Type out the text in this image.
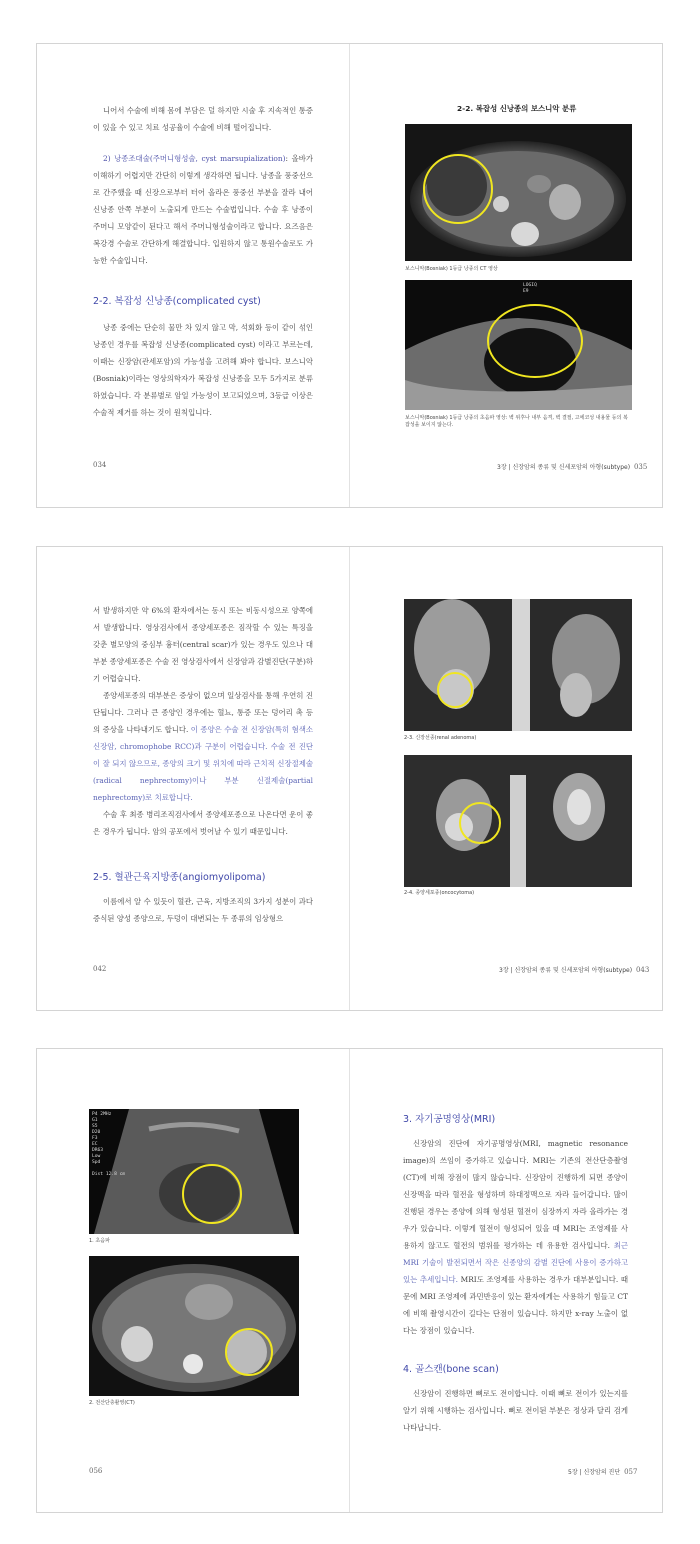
니어서 수술에 비해 몸에 부담은 덜 하지만 시술 후 지속적인 통증이 있을 수 있고 치료 성공율이 수술에 비해 떨어집니다.

2) 낭종조대술(주머니형성술, cyst marsupialization): 올바가 이해하기 어렵지만 간단히 이렇게 생각하면 됩니다. 낭종을 풍중선으로 간주했을 때 신장으로부터 터어 올라온 풍중선 부분을 잘라 내어 신낭종 안쪽 부분이 노출되게 만드는 수술법입니다. 수술 후 낭종이 주머니 모양같이 된다고 해서 주머니형성술이라고 합니다. 요즈음은 복강경 수술로 간단하게 해결합니다. 입원하지 않고 통원수술로도 가능한 수술입니다.

2-2. 복잡성 신낭종(complicated cyst)

낭종 중에는 단순히 물만 차 있지 않고 막, 석회화 등이 같이 섞인 낭종인 경우를 복잡성 신낭종(complicated cyst) 이라고 부르는데, 이때는 신장암(관세포암)의 가능성을 고려해 봐야 합니다. 보스니악(Bosniak)이라는 영상의학자가 복잡성 신낭종을 모두 5가지로 분류하였습니다. 각 분류별로 암일 가능성이 보고되었으며, 3등급 이상은 수술적 제거를 하는 것이 원칙입니다.

034
2-2. 복잡성 신낭종의 보스니악 분류
보스니악(Bosniak) 1등급 낭종의 CT 영상
LOGIQ
E9
보스니악(Bosniak) 1등급 낭종의 초음파 영상: 벽 위후나 내부 음격, 벽 결절, 고에코성 내용물 등의 복잡성을 보이지 않는다.
3장 | 신장암의 종류 및 신세포암의 아형(subtype) 035

서 발생하지만 약 6%의 환자에서는 동시 또는 비동시성으로 양쪽에서 발생합니다. 영상검사에서 종양세포종은 짐작할 수 있는 특징을 갖춘 별모양의 중심부 흉터(central scar)가 있는 경우도 있으나 대부분 종양세포종은 수술 전 영상검사에서 신장암과 감별진단(구분)하기 어렵습니다.

종양세포종의 대부분은 증상이 없으며 일상검사를 통해 우연히 진단됩니다. 그러나 큰 종양인 경우에는 혈뇨, 통증 또는 덩어리 촉 등의 증상을 나타내기도 합니다. 이 종양은 수술 전 신장암(특히 혐색소 신장암, chromophobe RCC)과 구분이 어렵습니다. 수술 전 진단이 잘 되지 않으므로, 종양의 크기 및 위치에 따라 근치적 신장절제술(radical nephrectomy)이나 부분 신절제술(partial nephrectomy)로 치료합니다.

수술 후 최종 병리조직검사에서 종양세포종으로 나온다면 운이 좋은 경우가 됩니다. 암의 공포에서 벗어날 수 있기 때문입니다.

2-5. 혈관근육지방종(angiomyolipoma)

이름에서 알 수 있듯이 혈관, 근육, 지방조직의 3가지 성분이 과다 증식된 양성 종양으로, 두덩이 대변되는 두 종류의 임상형으

042
2-3. 신장선종(renal adenoma)
2-4. 종양세포종(oncocytoma)
3장 | 신장암의 종류 및 신세포암의 아형(subtype) 043
P4 2MHz
G1
S5
D20
F3
EC
DR63
Low
Spd

Dist 12.8 cm
1. 초음파
2. 전산단층촬영(CT)
056
3. 자기공명영상(MRI)

신장암의 진단에 자기공명영상(MRI, magnetic resonance image)의 쓰임이 증가하고 있습니다. MRI는 기존의 전산단층촬영(CT)에 비해 장점이 많지 않습니다. 신장암이 진행하게 되면 종양이 신장맥을 따라 혈전을 형성하며 하대정맥으로 자라 들어갑니다. 많이 진행된 경우는 종양에 의해 형성된 혈전이 심장까지 자라 올라가는 경우가 있습니다. 이렇게 혈전이 형성되어 있을 때 MRI는 조영제를 사용하지 않고도 혈전의 범위를 평가하는 데 유용한 검사입니다. 최근 MRI 기술이 발전되면서 작은 신종양의 감별 진단에 사용이 증가하고 있는 추세입니다. MRI도 조영제를 사용하는 경우가 대부분입니다. 때문에 MRI 조영제에 과민반응이 있는 환자에게는 사용하기 힘들고 CT에 비해 촬영시간이 길다는 단점이 있습니다. 하지만 x-ray 노출이 없다는 장점이 있습니다.

4. 골스캔(bone scan)

신장암이 진행하면 뼈로도 전이합니다. 이때 뼈로 전이가 있는지를 알기 위해 시행하는 검사입니다. 뼈로 전이된 부분은 정상과 달리 검게 나타납니다.

5장 | 신장암의 진단 057
